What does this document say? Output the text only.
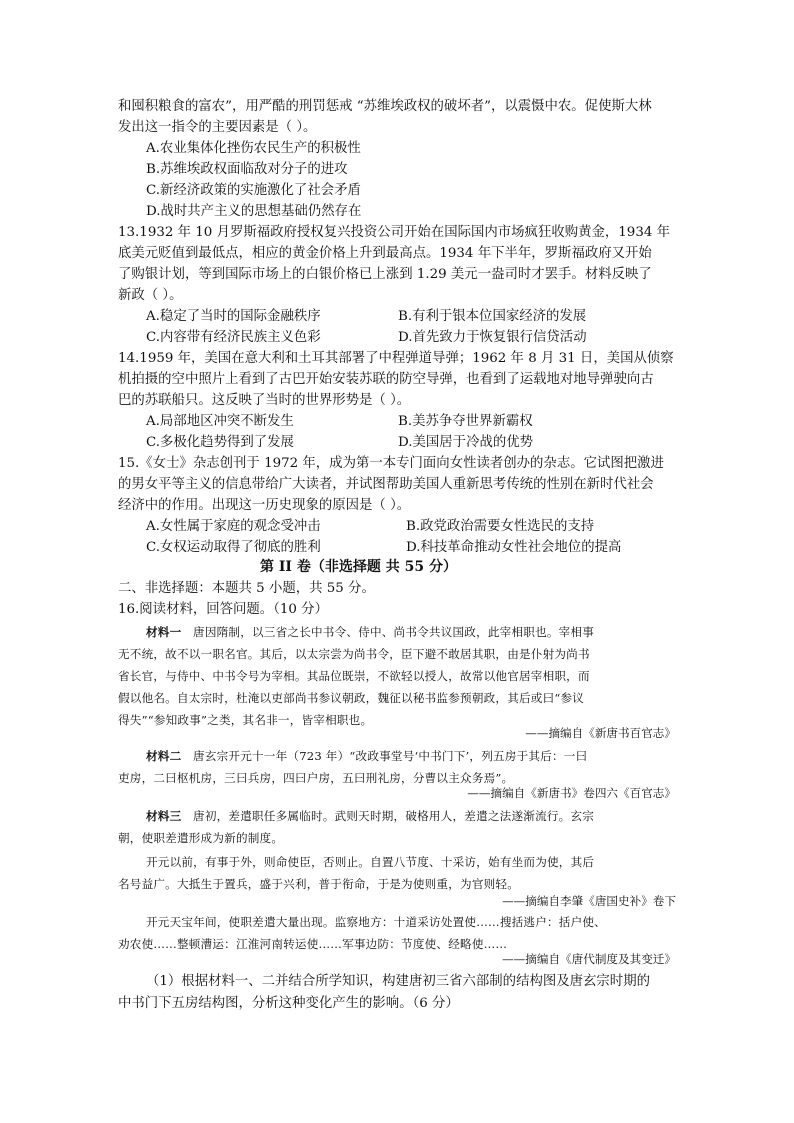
和囤积粮食的富农”，用严酷的刑罚惩戒 “苏维埃政权的破坏者”，以震慑中农。促使斯大林
发出这一指令的主要因素是（ ）。
A.农业集体化挫伤农民生产的积极性
B.苏维埃政权面临敌对分子的进攻
C.新经济政策的实施激化了社会矛盾
D.战时共产主义的思想基础仍然存在
13.1932 年 10 月罗斯福政府授权复兴投资公司开始在国际国内市场疯狂收购黄金，1934 年
底美元贬值到最低点，相应的黄金价格上升到最高点。1934 年下半年，罗斯福政府又开始
了购银计划，等到国际市场上的白银价格已上涨到 1.29 美元一盎司时才罢手。材料反映了
新政（ ）。
A.稳定了当时的国际金融秩序	B.有利于银本位国家经济的发展
C.内容带有经济民族主义色彩	D.首先致力于恢复银行信贷活动
14.1959 年，美国在意大利和土耳其部署了中程弹道导弹；1962 年 8 月 31 日，美国从侦察
机拍摄的空中照片上看到了古巴开始安装苏联的防空导弹，也看到了运载地对地导弹驶向古
巴的苏联船只。这反映了当时的世界形势是（ ）。
A.局部地区冲突不断发生	B.美苏争夺世界新霸权
C.多极化趋势得到了发展	D.美国居于冷战的优势
15.《女士》杂志创刊于 1972 年，成为第一本专门面向女性读者创办的杂志。它试图把激进
的男女平等主义的信息带给广大读者，并试图帮助美国人重新思考传统的性别在新时代社会
经济中的作用。出现这一历史现象的原因是（ ）。
A.女性属于家庭的观念受冲击	B.政党政治需要女性选民的支持
C.女权运动取得了彻底的胜利	D.科技革命推动女性社会地位的提高
第 II 卷（非选择题 共 55 分）
二、非选择题：本题共 5 小题，共 55 分。
16.阅读材料，回答问题。（10 分）
材料一 唐因隋制，以三省之长中书令、侍中、尚书令共议国政，此宰相职也。宰相事
无不统，故不以一职名官。其后，以太宗尝为尚书令，臣下避不敢居其职，由是仆射为尚书
省长官，与侍中、中书令号为宰相。其品位既崇，不欲轻以授人，故常以他官居宰相职，而
假以他名。自太宗时，杜淹以吏部尚书参议朝政，魏征以秘书监参预朝政，其后或曰“参议
得失”“参知政事”之类，其名非一，皆宰相职也。
——摘编自《新唐书百官志》
材料二 唐玄宗开元十一年（723 年）“改政事堂号‘中书门下’，列五房于其后：一曰
吏房，二曰枢机房，三曰兵房，四曰户房，五曰刑礼房，分曹以主众务焉”。
——摘编自《新唐书》卷四六《百官志》
材料三 唐初，差遣职任多属临时。武则天时期，破格用人，差遣之法遂渐流行。玄宗
朝，使职差遣形成为新的制度。
开元以前，有事于外，则命使臣，否则止。自置八节度、十采访，始有坐而为使，其后
名号益广。大抵生于置兵，盛于兴利，普于衔命，于是为使则重，为官则轻。
——摘编自李肇《唐国史补》卷下
开元天宝年间，使职差遣大量出现。监察地方：十道采访处置使……搜括逃户：括户使、
劝农使……整顿漕运：江淮河南转运使……军事边防：节度使、经略使……
——摘编自《唐代制度及其变迁》
（1）根据材料一、二并结合所学知识，构建唐初三省六部制的结构图及唐玄宗时期的
中书门下五房结构图，分析这种变化产生的影响。（6 分）
